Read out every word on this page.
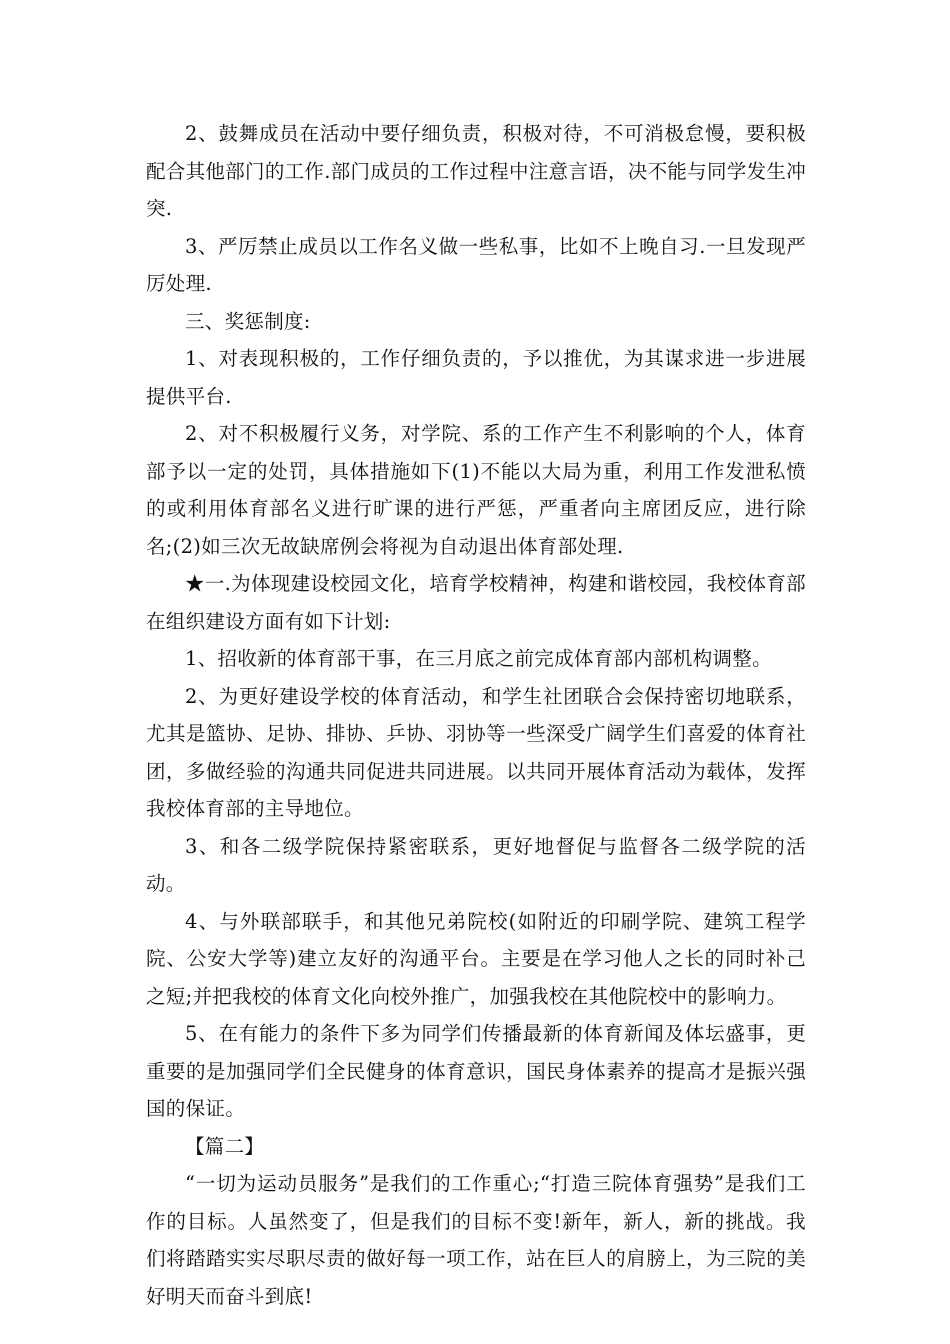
2、鼓舞成员在活动中要仔细负责，积极对待，不可消极怠慢，要积极配合其他部门的工作.部门成员的工作过程中注意言语，决不能与同学发生冲突.

3、严厉禁止成员以工作名义做一些私事，比如不上晚自习.一旦发现严厉处理.

三、奖惩制度:

1、对表现积极的，工作仔细负责的，予以推优，为其谋求进一步进展提供平台.

2、对不积极履行义务，对学院、系的工作产生不利影响的个人，体育部予以一定的处罚，具体措施如下(1)不能以大局为重，利用工作发泄私愤的或利用体育部名义进行旷课的进行严惩，严重者向主席团反应，进行除名;(2)如三次无故缺席例会将视为自动退出体育部处理.

★一.为体现建设校园文化，培育学校精神，构建和谐校园，我校体育部在组织建设方面有如下计划:

1、招收新的体育部干事，在三月底之前完成体育部内部机构调整。

2、为更好建设学校的体育活动，和学生社团联合会保持密切地联系，尤其是篮协、足协、排协、乒协、羽协等一些深受广阔学生们喜爱的体育社团，多做经验的沟通共同促进共同进展。以共同开展体育活动为载体，发挥我校体育部的主导地位。

3、和各二级学院保持紧密联系，更好地督促与监督各二级学院的活动。

4、与外联部联手，和其他兄弟院校(如附近的印刷学院、建筑工程学院、公安大学等)建立友好的沟通平台。主要是在学习他人之长的同时补己之短;并把我校的体育文化向校外推广，加强我校在其他院校中的影响力。

5、在有能力的条件下多为同学们传播最新的体育新闻及体坛盛事，更重要的是加强同学们全民健身的体育意识，国民身体素养的提高才是振兴强国的保证。

【篇二】

“一切为运动员服务”是我们的工作重心;“打造三院体育强势”是我们工作的目标。人虽然变了，但是我们的目标不变!新年，新人，新的挑战。我们将踏踏实实尽职尽责的做好每一项工作，站在巨人的肩膀上，为三院的美好明天而奋斗到底!
